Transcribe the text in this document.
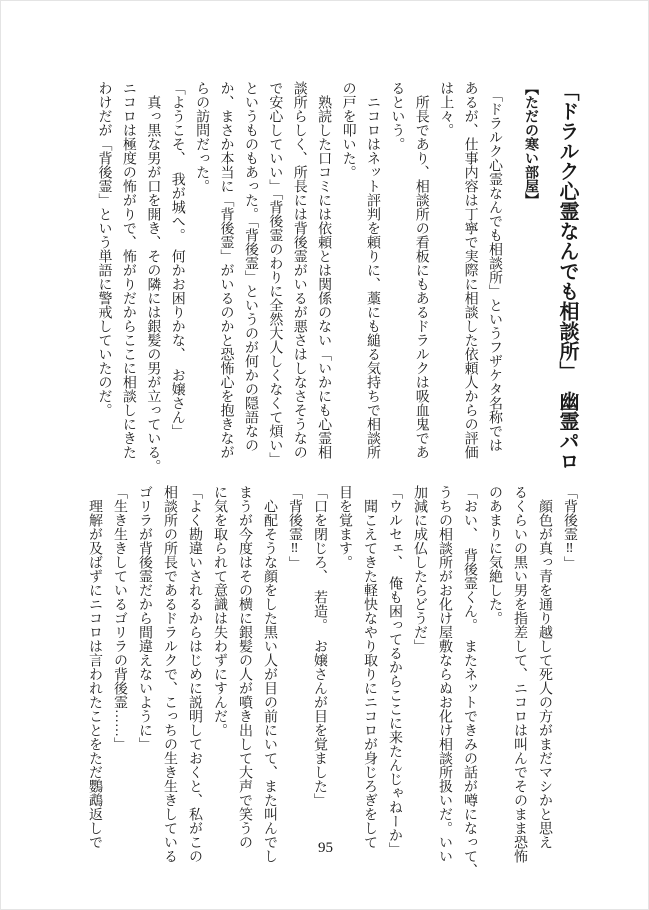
「ドラルク心霊なんでも相談所」　幽霊パロ
【ただの寒い部屋】
　「ドラルク心霊なんでも相談所」というフザケタ名称では
あるが、仕事内容は丁寧で実際に相談した依頼人からの評価
は上々。
　所長であり、相談所の看板にもあるドラルクは吸血鬼であ
るという。
　ニコロはネット評判を頼りに、藁にも縋る気持ちで相談所
の戸を叩いた。
　熟読した口コミには依頼とは関係のない「いかにも心霊相
談所らしく、所長には背後霊がいるが悪さはしなさそうなの
で安心していい」「背後霊のわりに全然大人しくなくて煩い」
というものもあった。「背後霊」というのが何かの隠語なの
か、まさか本当に「背後霊」がいるのかと恐怖心を抱きなが
らの訪問だった。
「ようこそ、　我が城へ。　何かお困りかな、　お嬢さん」
　真っ黒な男が口を開き、その隣には銀髪の男が立っている。
ニコロは極度の怖がりで、怖がりだからここに相談しにきた
わけだが「背後霊」という単語に警戒していたのだ。
「背後霊‼」
　顔色が真っ青を通り越して死人の方がまだマシかと思え
るくらいの黒い男を指差して、ニコロは叫んでそのまま恐怖
のあまりに気絶した。
「おい、　背後霊くん。　またネットできみの話が噂になって、
うちの相談所がお化け屋敷ならぬお化け相談所扱いだ。いい
加減に成仏したらどうだ」
「ウルセェ、　俺も困ってるからここに来たんじゃねーか」
　聞こえてきた軽快なやり取りにニコロが身じろぎをして
目を覚ます。
「口を閉じろ、　若造。　お嬢さんが目を覚ました」
「背後霊‼」
　心配そうな顔をした黒い人が目の前にいて、また叫んでし
まうが今度はその横に銀髪の人が噴き出して大声で笑うの
に気を取られて意識は失わずにすんだ。
「よく勘違いされるからはじめに説明しておくと、私がこの
相談所の所長であるドラルクで、こっちの生き生きしている
ゴリラが背後霊だから間違えないように」
「生き生きしているゴリラの背後霊……」
　理解が及ばずにニコロは言われたことをただ鸚鵡返しで	95
